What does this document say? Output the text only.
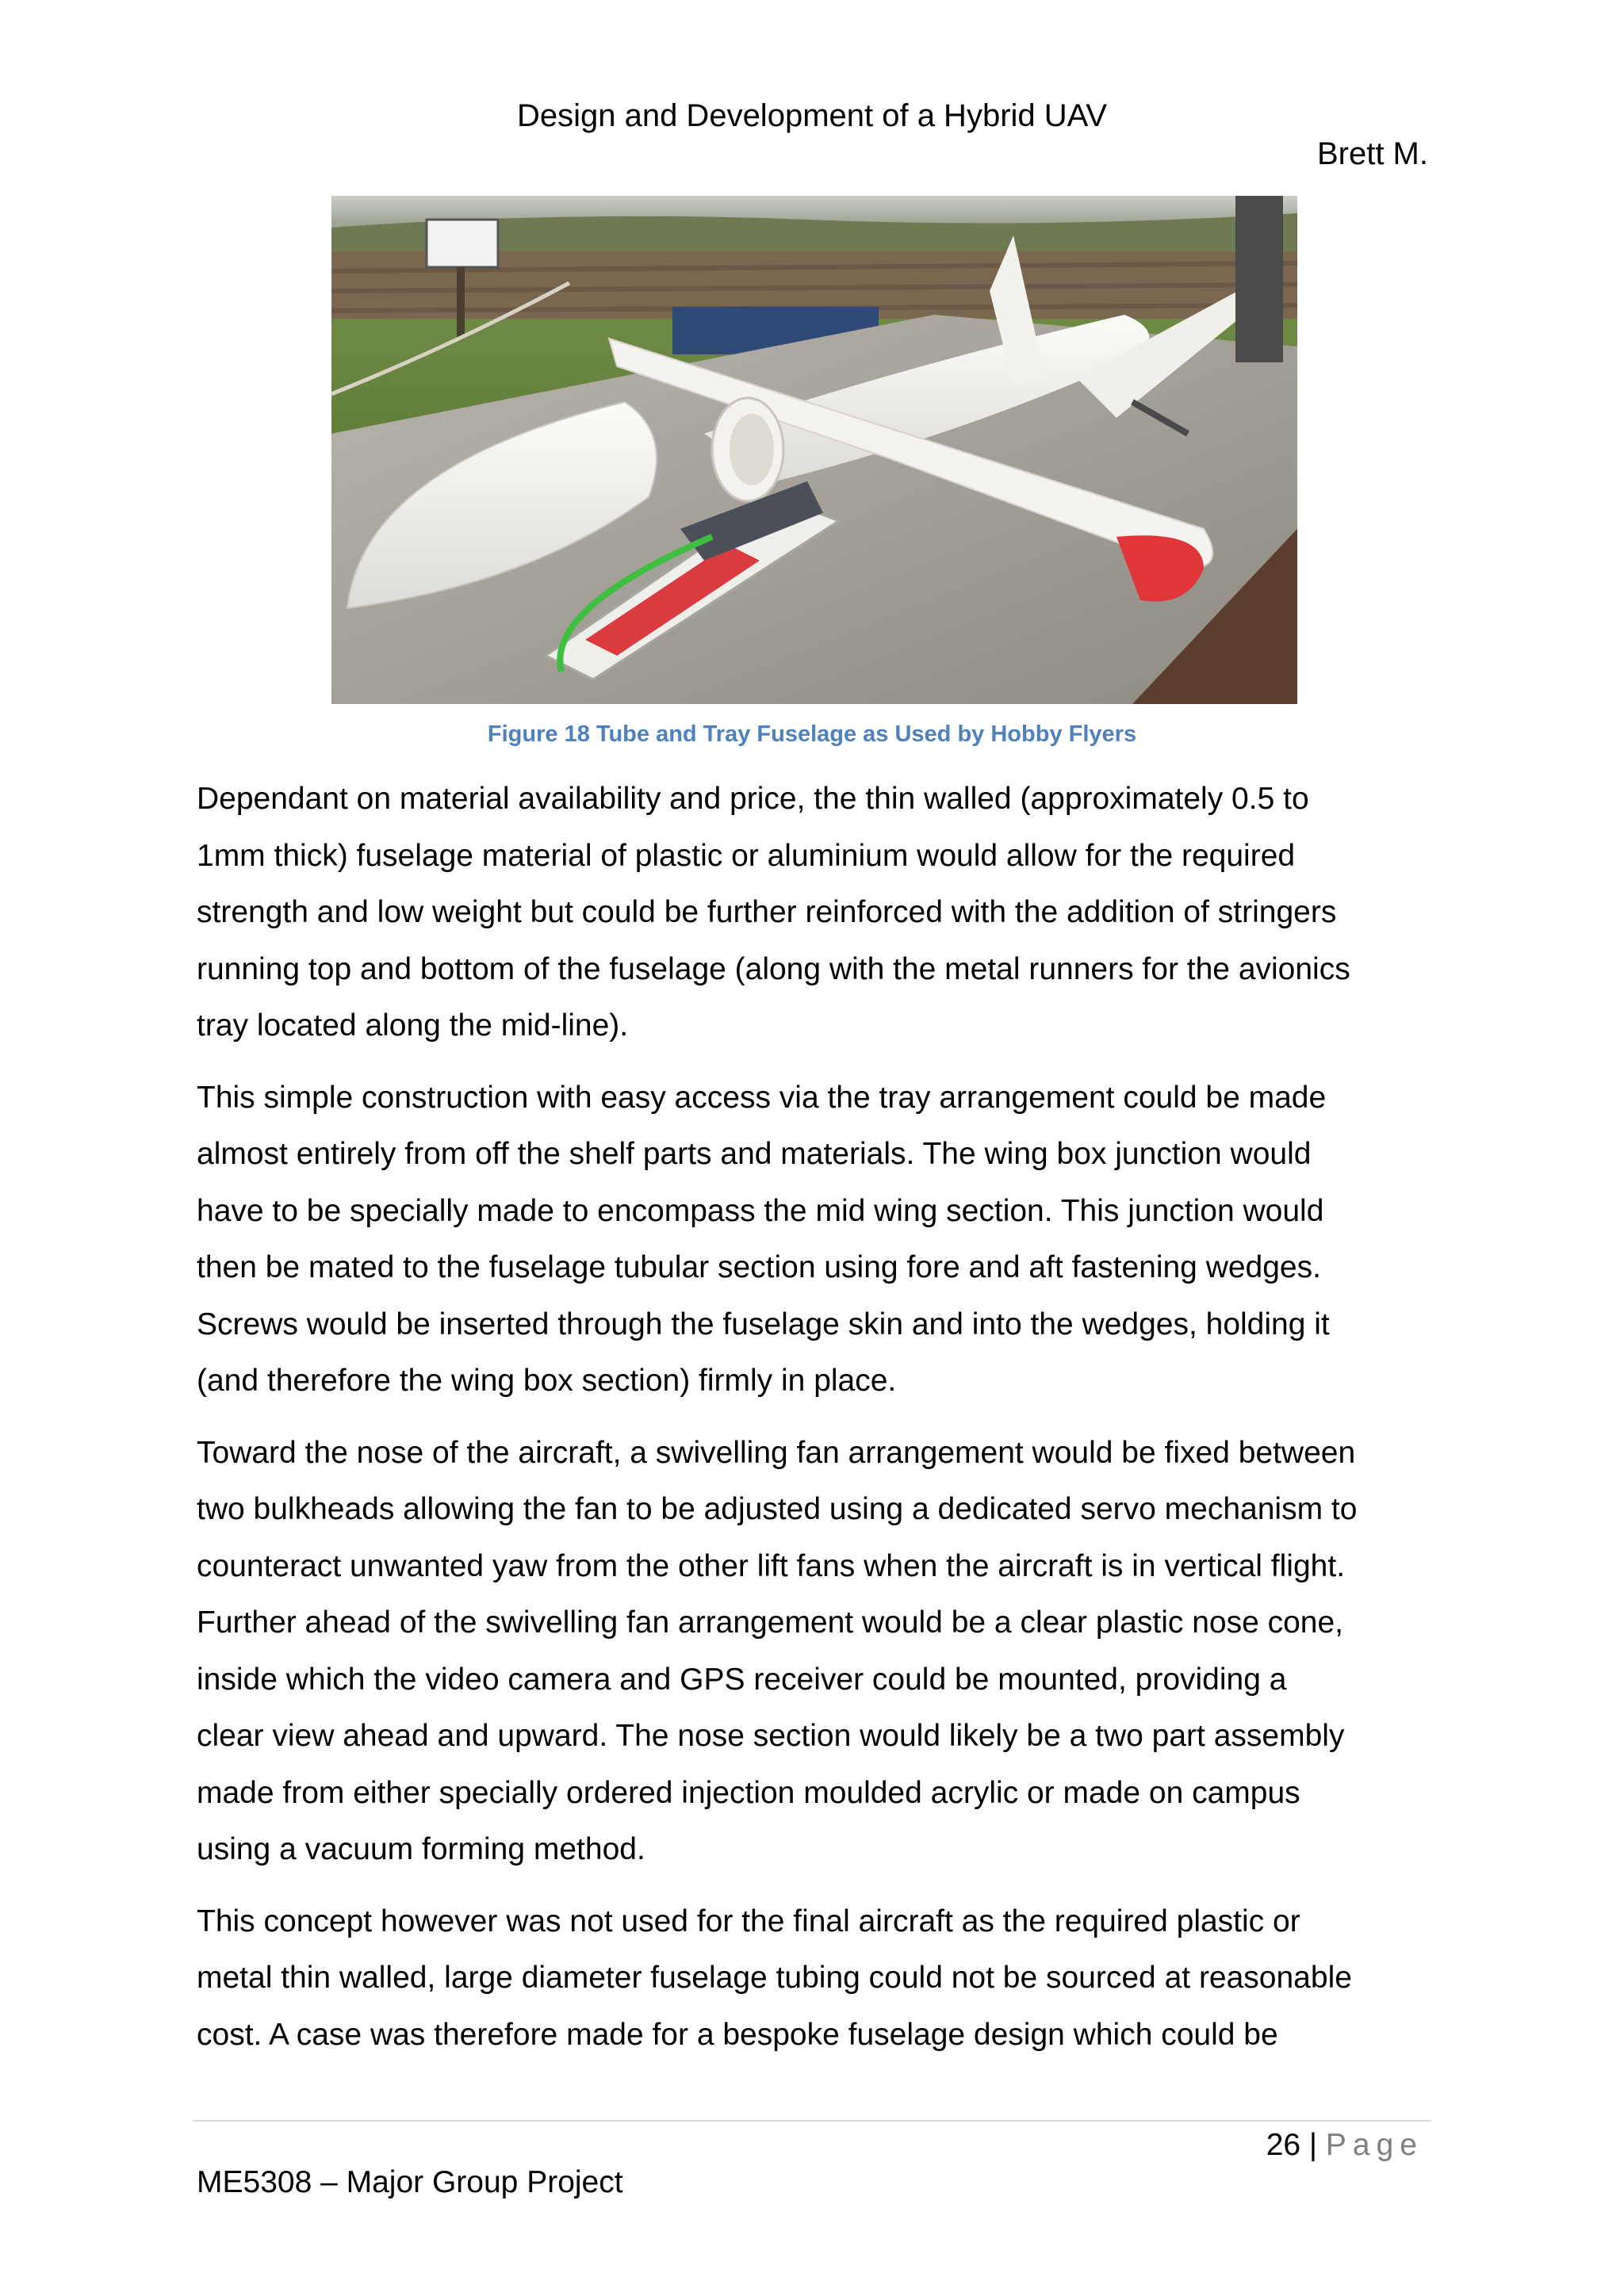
Design and Development of a Hybrid UAV
Brett M.
Figure 18 Tube and Tray Fuselage as Used by Hobby Flyers

Dependant on material availability and price, the thin walled (approximately 0.5 to
1mm thick) fuselage material of plastic or aluminium would allow for the required
strength and low weight but could be further reinforced with the addition of stringers
running top and bottom of the fuselage (along with the metal runners for the avionics
tray located along the mid-line).

This simple construction with easy access via the tray arrangement could be made
almost entirely from off the shelf parts and materials. The wing box junction would
have to be specially made to encompass the mid wing section. This junction would
then be mated to the fuselage tubular section using fore and aft fastening wedges.
Screws would be inserted through the fuselage skin and into the wedges, holding it
(and therefore the wing box section) firmly in place.

Toward the nose of the aircraft, a swivelling fan arrangement would be fixed between
two bulkheads allowing the fan to be adjusted using a dedicated servo mechanism to
counteract unwanted yaw from the other lift fans when the aircraft is in vertical flight.
Further ahead of the swivelling fan arrangement would be a clear plastic nose cone,
inside which the video camera and GPS receiver could be mounted, providing a
clear view ahead and upward. The nose section would likely be a two part assembly
made from either specially ordered injection moulded acrylic or made on campus
using a vacuum forming method.

This concept however was not used for the final aircraft as the required plastic or
metal thin walled, large diameter fuselage tubing could not be sourced at reasonable
cost. A case was therefore made for a bespoke fuselage design which could be

26 | Page
ME5308 – Major Group Project
